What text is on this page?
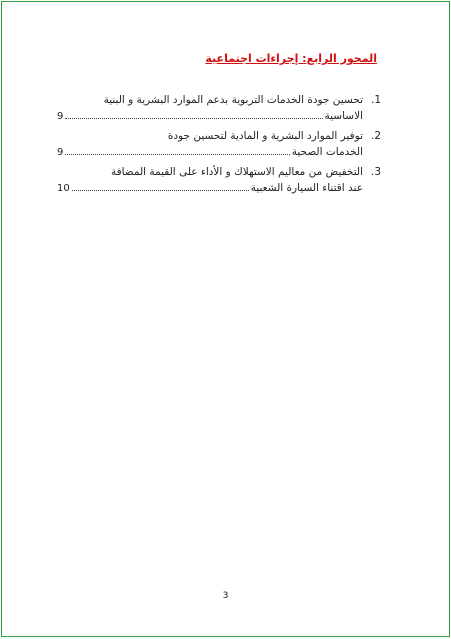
المحور الرابع: إجراءات اجتماعية
1.
تحسين جودة الخدمات التربوية بدعم الموارد البشرية و البنية
الاساسية
9
2.
توفير الموارد البشرية و المادية لتحسين جودة
الخدمات الصحية
9
3.
التخفيض من معاليم الاستهلاك و الأداء على القيمة المضافة
عند اقتناء السيارة الشعبية
10
3
